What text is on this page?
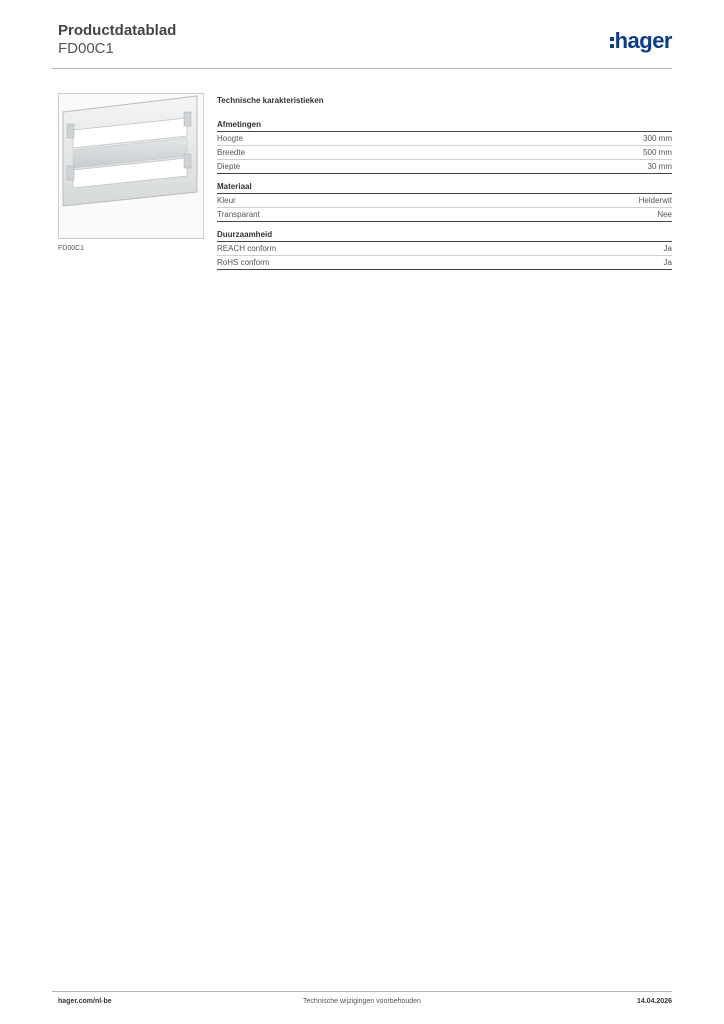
Productdatablad
FD00C1	hager
FD00C1
Technische karakteristieken
Afmetingen
Hoogte	300 mm
Breedte	500 mm
Diepte	30 mm
Materiaal
Kleur	Helderwit
Transparant	Nee
Duurzaamheid
REACH conform	Ja
RoHS conform	Ja
hager.com/nl-be	Technische wijzigingen voorbehouden	14.04.2026
